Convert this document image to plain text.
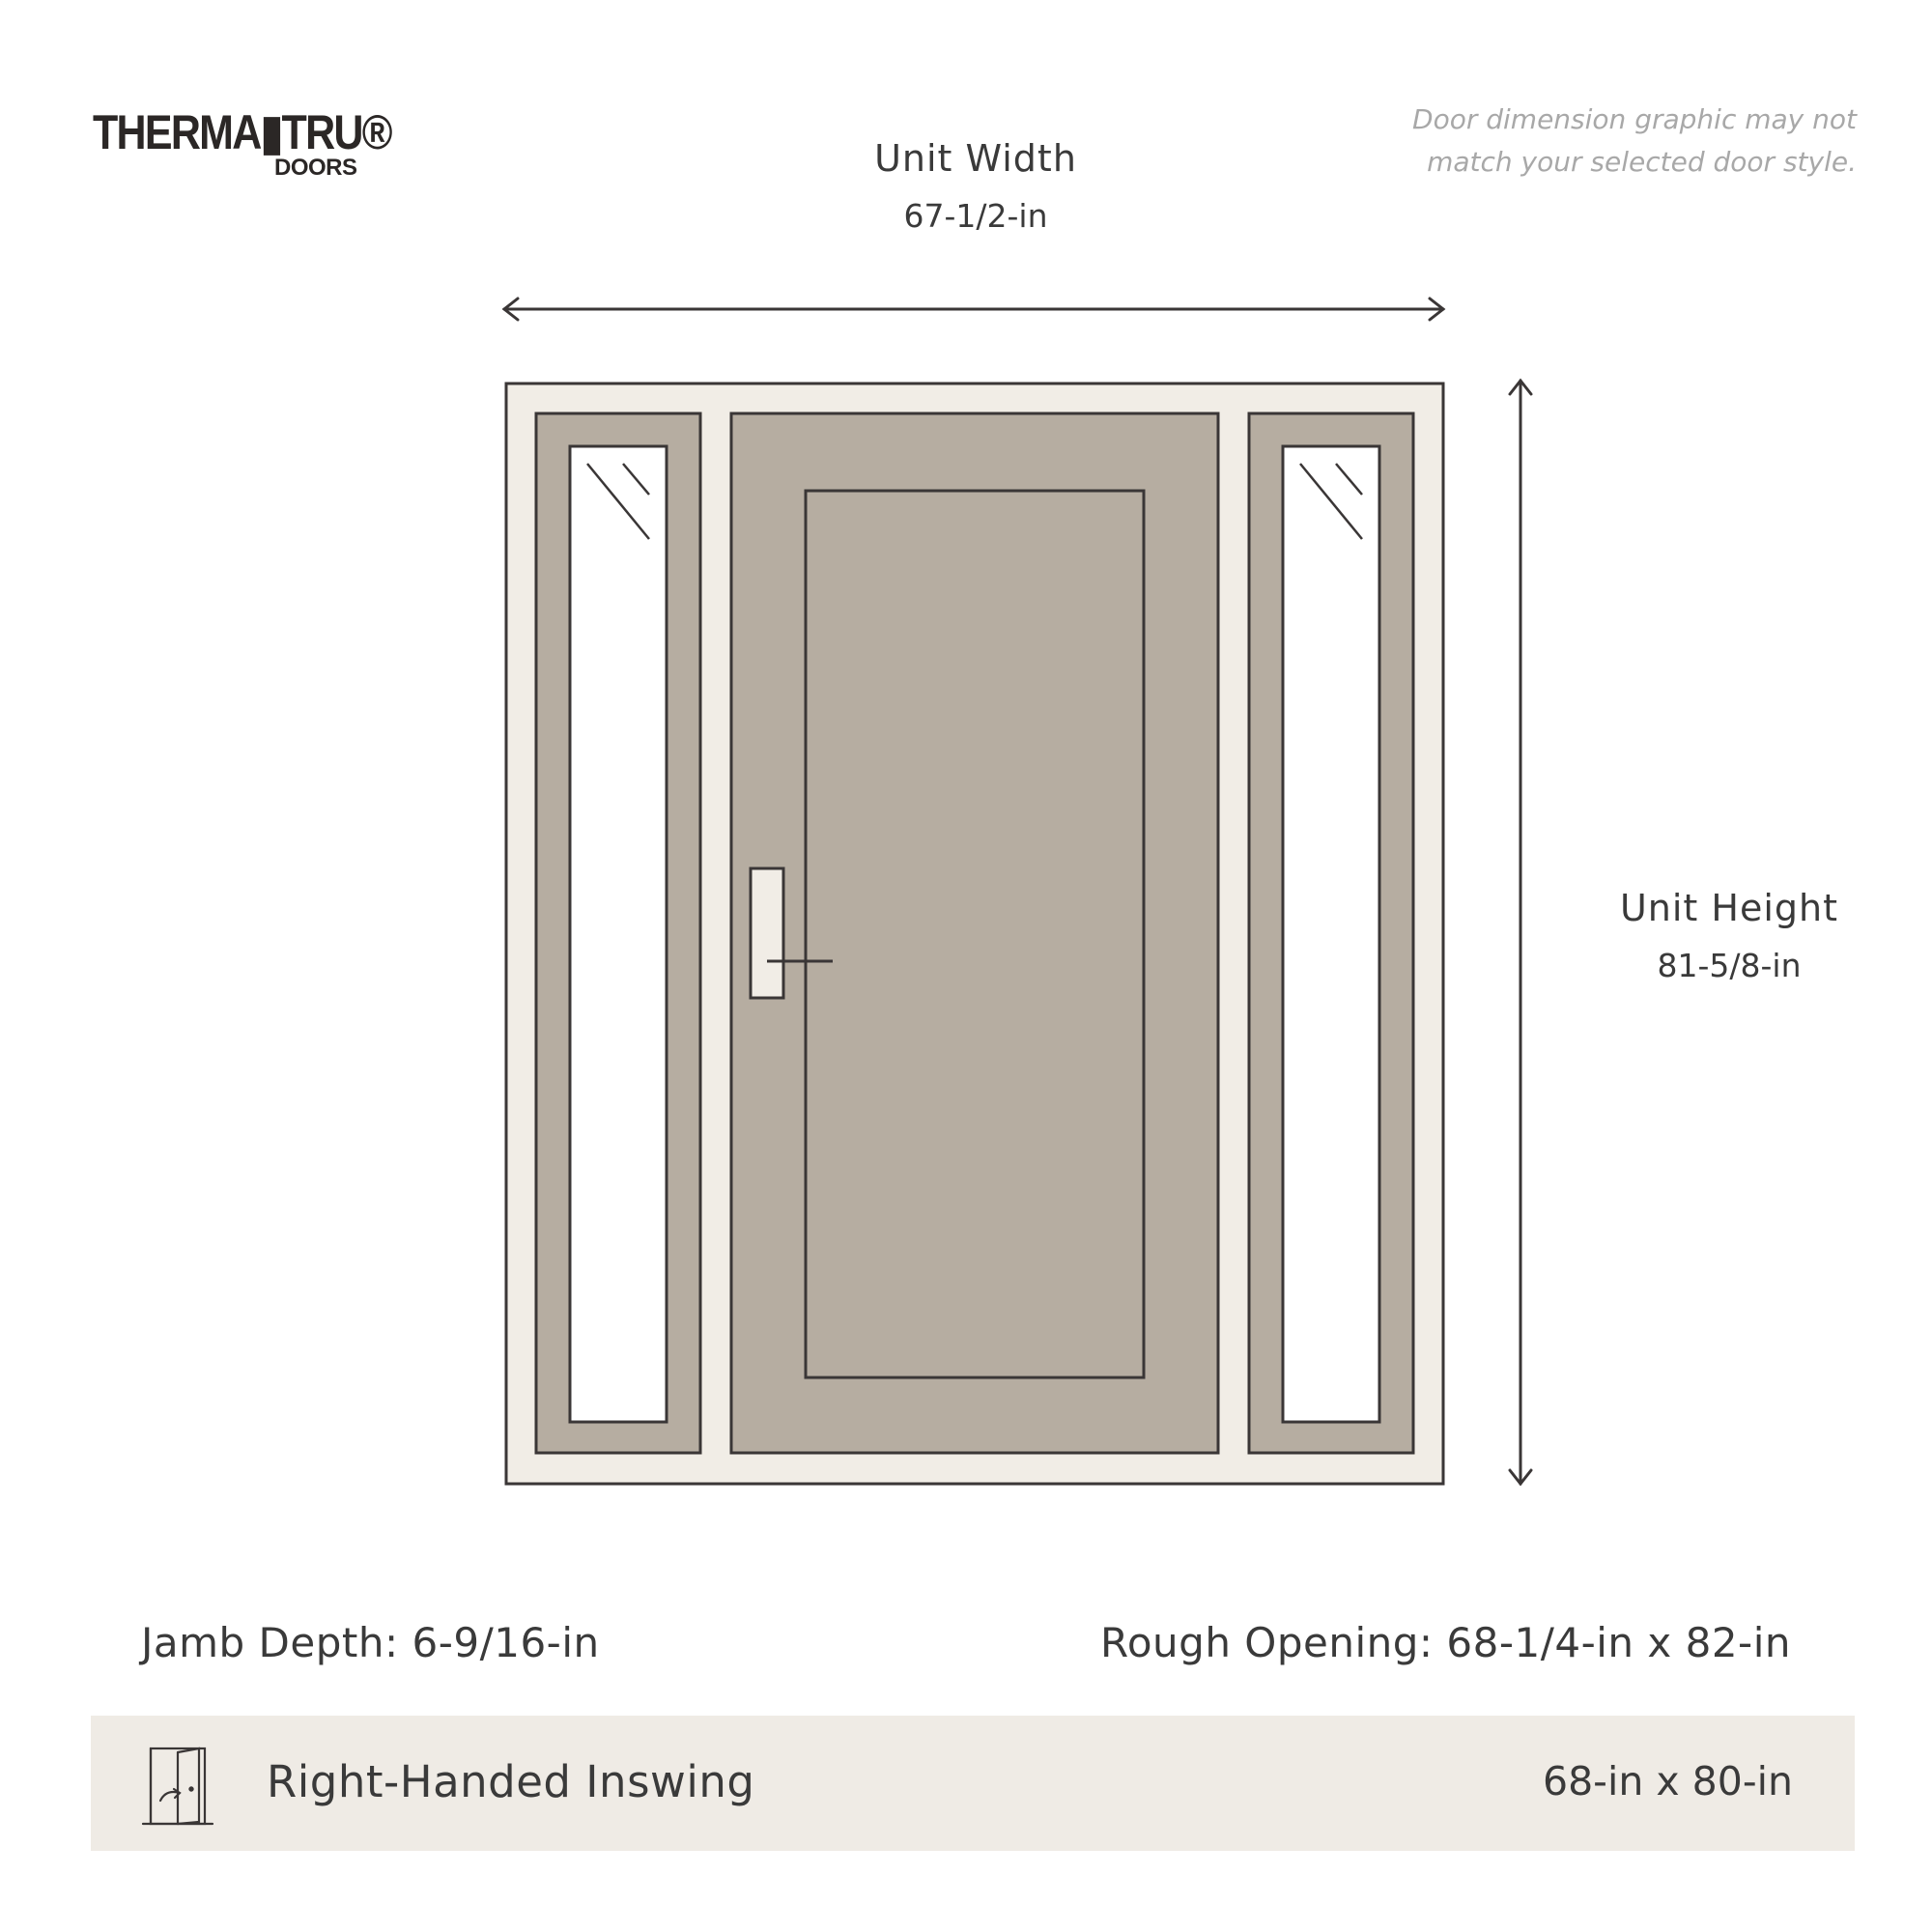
THERMA▮TRU®
DOORS
Door dimension graphic may not
match your selected door style.
Unit Width
67-1/2-in
Unit Height
81-5/8-in
Jamb Depth: 6-9/16-in	Rough Opening: 68-1/4-in x 82-in
Right-Handed Inswing	68-in x 80-in
